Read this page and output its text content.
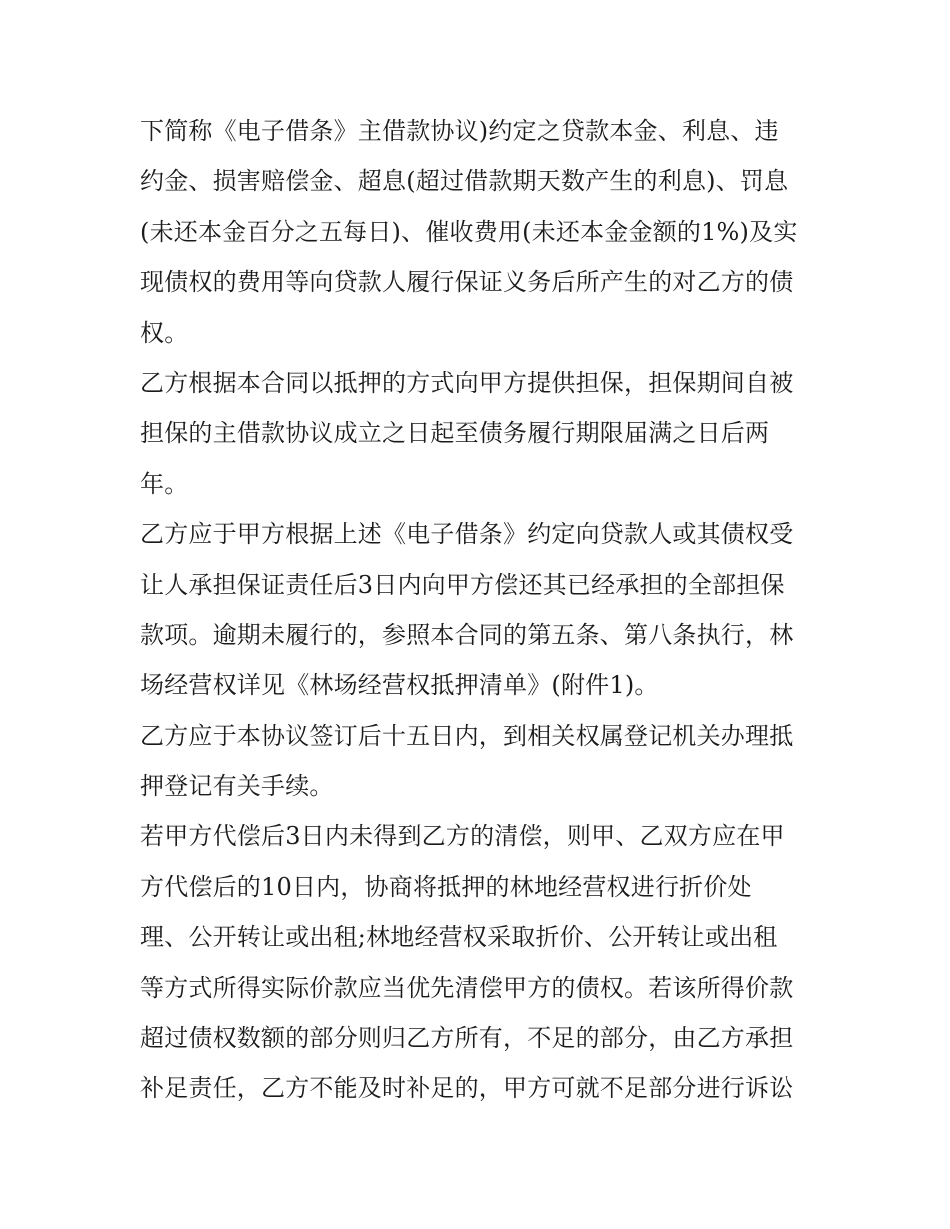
下简称《电子借条》主借款协议)约定之贷款本金、利息、违
约金、损害赔偿金、超息(超过借款期天数产生的利息)、罚息
(未还本金百分之五每日)、催收费用(未还本金金额的1%)及实
现债权的费用等向贷款人履行保证义务后所产生的对乙方的债
权。
乙方根据本合同以抵押的方式向甲方提供担保，担保期间自被
担保的主借款协议成立之日起至债务履行期限届满之日后两
年。
乙方应于甲方根据上述《电子借条》约定向贷款人或其债权受
让人承担保证责任后3日内向甲方偿还其已经承担的全部担保
款项。逾期未履行的，参照本合同的第五条、第八条执行，林
场经营权详见《林场经营权抵押清单》(附件1)。
乙方应于本协议签订后十五日内，到相关权属登记机关办理抵
押登记有关手续。
若甲方代偿后3日内未得到乙方的清偿，则甲、乙双方应在甲
方代偿后的10日内，协商将抵押的林地经营权进行折价处
理、公开转让或出租;林地经营权采取折价、公开转让或出租
等方式所得实际价款应当优先清偿甲方的债权。若该所得价款
超过债权数额的部分则归乙方所有，不足的部分，由乙方承担
补足责任，乙方不能及时补足的，甲方可就不足部分进行诉讼
